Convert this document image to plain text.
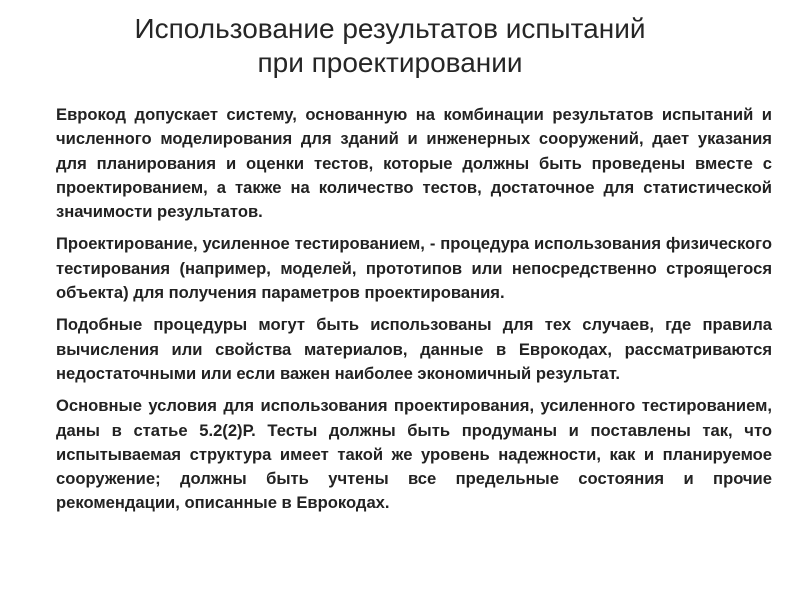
Использование результатов испытаний
при проектировании

Еврокод допускает систему, основанную на комбинации результатов испытаний и численного моделирования для зданий и инженерных сооружений, дает указания для планирования и оценки тестов, которые должны быть проведены вместе с проектированием, а также на количество тестов, достаточное для статистической значимости результатов.

Проектирование, усиленное тестированием, - процедура использования физического тестирования (например, моделей, прототипов или непосредственно строящегося объекта) для получения параметров проектирования.

Подобные процедуры могут быть использованы для тех случаев, где правила вычисления или свойства материалов, данные в Еврокодах, рассматриваются недостаточными или если важен наиболее экономичный результат.

Основные условия для использования проектирования, усиленного тестированием, даны в статье 5.2(2)Р. Тесты должны быть продуманы и поставлены так, что испытываемая структура имеет такой же уровень надежности, как и планируемое сооружение; должны быть учтены все предельные состояния и прочие рекомендации, описанные в Еврокодах.
